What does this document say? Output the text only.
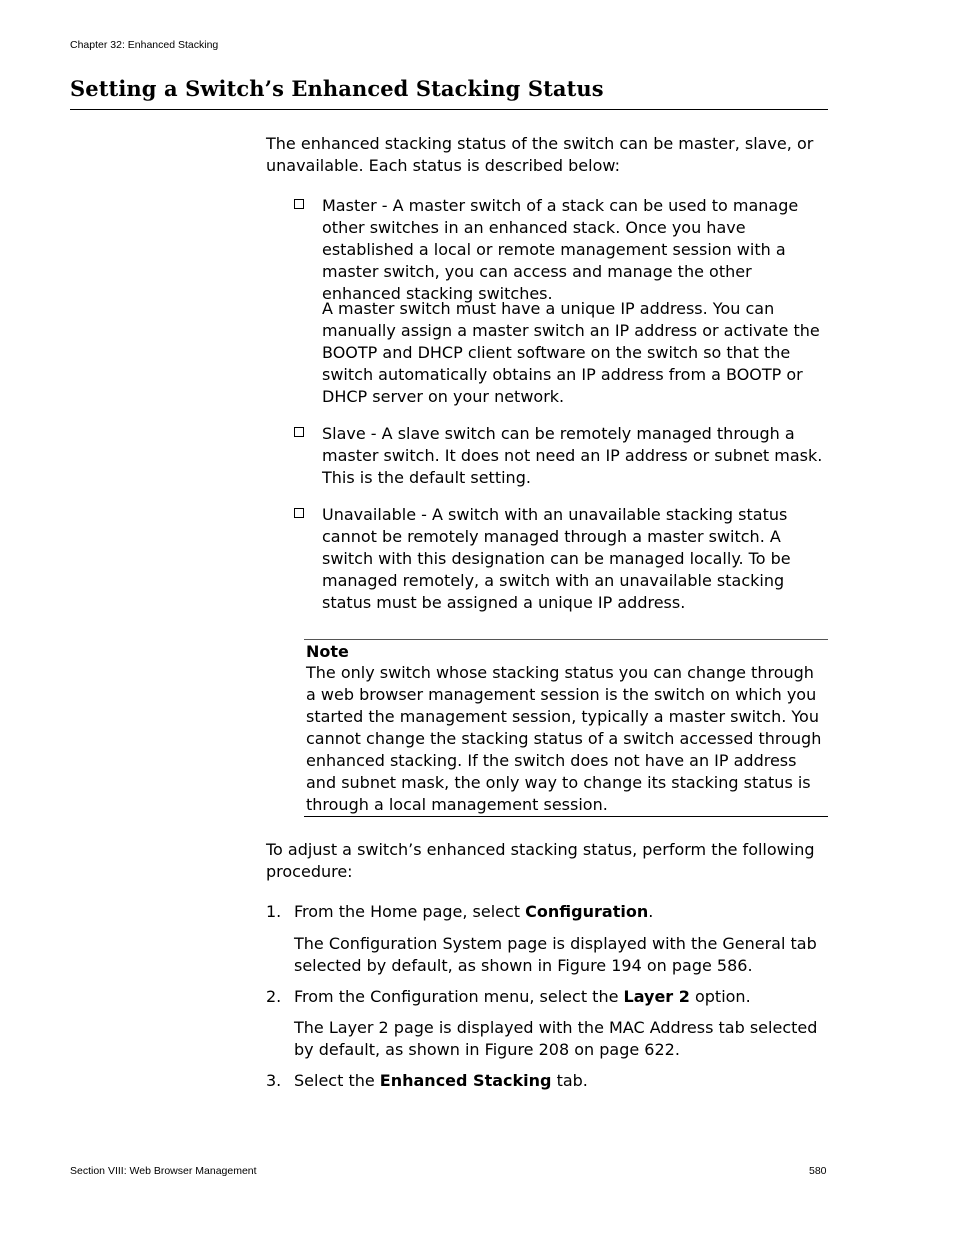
Chapter 32: Enhanced Stacking
Setting a Switch’s Enhanced Stacking Status

The enhanced stacking status of the switch can be master, slave, or unavailable. Each status is described below:

Master - A master switch of a stack can be used to manage other switches in an enhanced stack. Once you have established a local or remote management session with a master switch, you can access and manage the other enhanced stacking switches.

A master switch must have a unique IP address. You can manually assign a master switch an IP address or activate the BOOTP and DHCP client software on the switch so that the switch automatically obtains an IP address from a BOOTP or DHCP server on your network.

Slave - A slave switch can be remotely managed through a master switch. It does not need an IP address or subnet mask. This is the default setting.
Unavailable - A switch with an unavailable stacking status cannot be remotely managed through a master switch. A switch with this designation can be managed locally. To be managed remotely, a switch with an unavailable stacking status must be assigned a unique IP address.
Note
The only switch whose stacking status you can change through a web browser management session is the switch on which you started the management session, typically a master switch. You cannot change the stacking status of a switch accessed through enhanced stacking. If the switch does not have an IP address and subnet mask, the only way to change its stacking status is through a local management session.

To adjust a switch’s enhanced stacking status, perform the following procedure:

1. From the Home page, select Configuration.
The Configuration System page is displayed with the General tab selected by default, as shown in Figure 194 on page 586.
2. From the Configuration menu, select the Layer 2 option.
The Layer 2 page is displayed with the MAC Address tab selected by default, as shown in Figure 208 on page 622.
3. Select the Enhanced Stacking tab.
Section VIII: Web Browser Management	580
